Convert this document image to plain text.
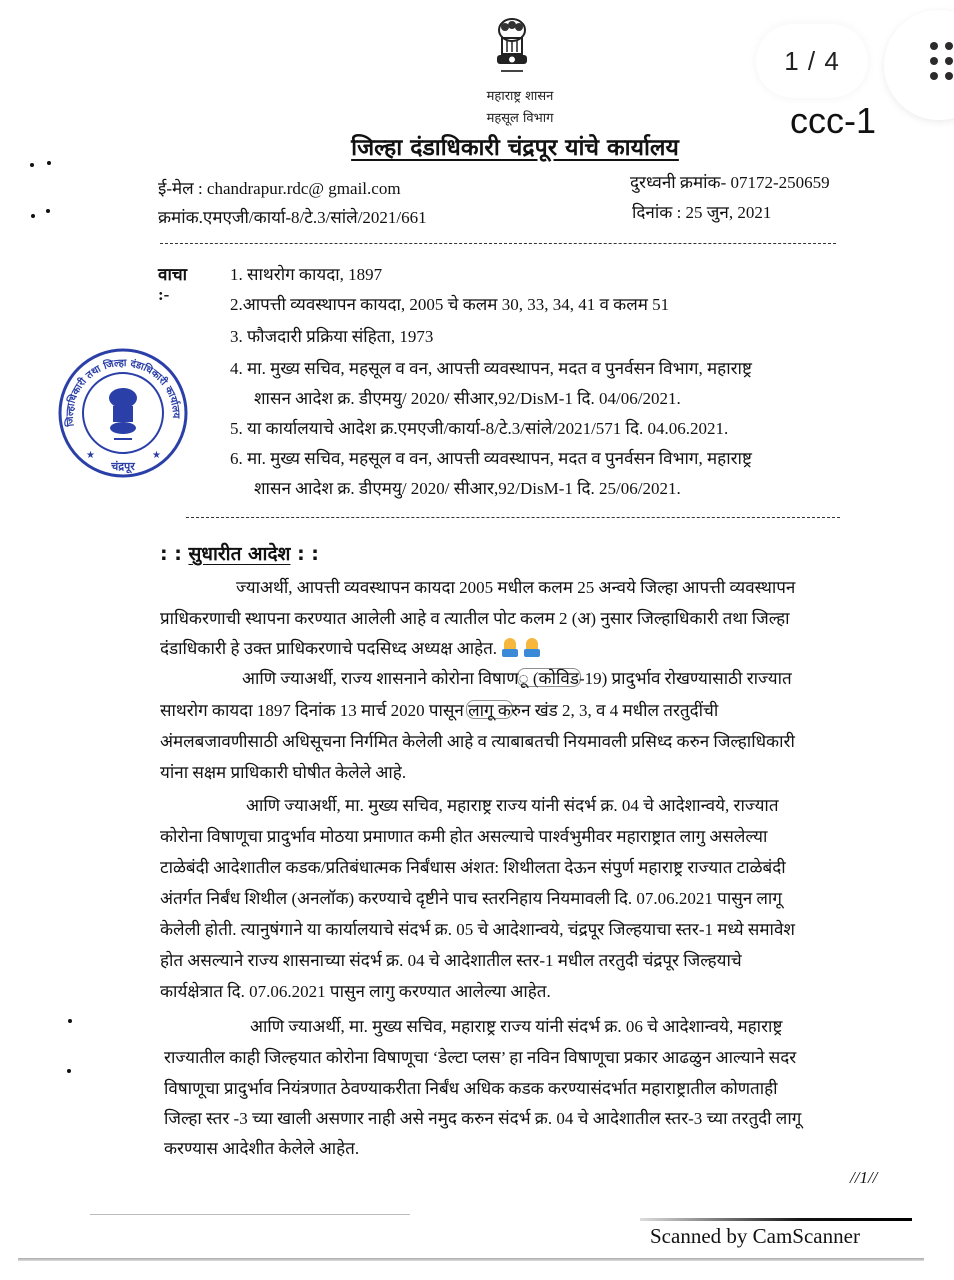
1 / 4
ccc-1
महाराष्ट्र शासन
महसूल विभाग
जिल्हा दंडाधिकारी चंद्रपूर यांचे कार्यालय
ई-मेल : chandrapur.rdc@ gmail.com	दुरध्वनी क्रमांक- 07172-250659
क्रमांक.एमएजी/कार्या-8/टे.3/सांले/2021/661	दिनांक : 25 जुन, 2021
वाचा :-
1. साथरोग कायदा, 1897
2.आपत्ती व्यवस्थापन कायदा, 2005 चे कलम 30, 33, 34, 41 व कलम 51
3. फौजदारी प्रक्रिया संहिता, 1973
4. मा. मुख्य सचिव, महसूल व वन, आपत्ती व्यवस्थापन, मदत व पुनर्वसन विभाग, महाराष्ट्र
शासन आदेश क्र. डीएमयु/ 2020/ सीआर,92/DisM-1 दि. 04/06/2021.
5. या कार्यालयाचे आदेश क्र.एमएजी/कार्या-8/टे.3/सांले/2021/571 दि. 04.06.2021.
6. मा. मुख्य सचिव, महसूल व वन, आपत्ती व्यवस्थापन, मदत व पुनर्वसन विभाग, महाराष्ट्र
शासन आदेश क्र. डीएमयु/ 2020/ सीआर,92/DisM-1 दि. 25/06/2021.
जिल्हाधिकारी तथा जिल्हा दंडाधिकारी कार्यालय
★	★
चंद्रपूर
: : सुधारीत आदेश : :
ज्याअर्थी, आपत्ती व्यवस्थापन कायदा 2005 मधील कलम 25 अन्वये जिल्हा आपत्ती व्यवस्थापन
प्राधिकरणाची स्थापना करण्यात आलेली आहे व त्यातील पोट कलम 2 (अ) नुसार जिल्हाधिकारी तथा जिल्हा
दंडाधिकारी हे उक्त प्राधिकरणाचे पदसिध्द अध्यक्ष आहेत.
आणि ज्याअर्थी, राज्य शासनाने कोरोना विषाणू (कोविड-19) प्रादुर्भाव रोखण्यासाठी राज्यात
साथरोग कायदा 1897 दिनांक 13 मार्च 2020 पासून लागू करुन खंड 2, 3, व 4 मधील तरतुदींची
अंमलबजावणीसाठी अधिसूचना निर्गमित केलेली आहे व त्याबाबतची नियमावली प्रसिध्द करुन जिल्हाधिकारी
यांना सक्षम प्राधिकारी घोषीत केलेले आहे.
आणि ज्याअर्थी, मा. मुख्य सचिव, महाराष्ट्र राज्य यांनी संदर्भ क्र. 04 चे आदेशान्वये, राज्यात
कोरोना विषाणूचा प्रादुर्भाव मोठया प्रमाणात कमी होत असल्याचे पार्श्वभुमीवर महाराष्ट्रात लागु असलेल्या
टाळेबंदी आदेशातील कडक/प्रतिबंधात्मक निर्बंधास अंशत: शिथीलता देऊन संपुर्ण महाराष्ट्र राज्यात टाळेबंदी
अंतर्गत निर्बंध शिथील (अनलॉक) करण्याचे दृष्टीने पाच स्तरनिहाय नियमावली दि. 07.06.2021 पासुन लागू
केलेली होती. त्यानुषंगाने या कार्यालयाचे संदर्भ क्र. 05 चे आदेशान्वये, चंद्रपूर जिल्हयाचा स्तर-1 मध्ये समावेश
होत असल्याने राज्य शासनाच्या संदर्भ क्र. 04 चे आदेशातील स्तर-1 मधील तरतुदी चंद्रपूर जिल्हयाचे
कार्यक्षेत्रात दि. 07.06.2021 पासुन लागु करण्यात आलेल्या आहेत.
आणि ज्याअर्थी, मा. मुख्य सचिव, महाराष्ट्र राज्य यांनी संदर्भ क्र. 06 चे आदेशान्वये, महाराष्ट्र
राज्यातील काही जिल्हयात कोरोना विषाणूचा ‘डेल्टा प्लस’ हा नविन विषाणूचा प्रकार आढळुन आल्याने सदर
विषाणूचा प्रादुर्भाव नियंत्रणात ठेवण्याकरीता निर्बंध अधिक कडक करण्यासंदर्भात महाराष्ट्रातील कोणताही
जिल्हा स्तर -3 च्या खाली असणार नाही असे नमुद करुन संदर्भ क्र. 04 चे आदेशातील स्तर-3 च्या तरतुदी लागू
करण्यास आदेशीत केलेले आहेत.
//1//
Scanned by CamScanner
